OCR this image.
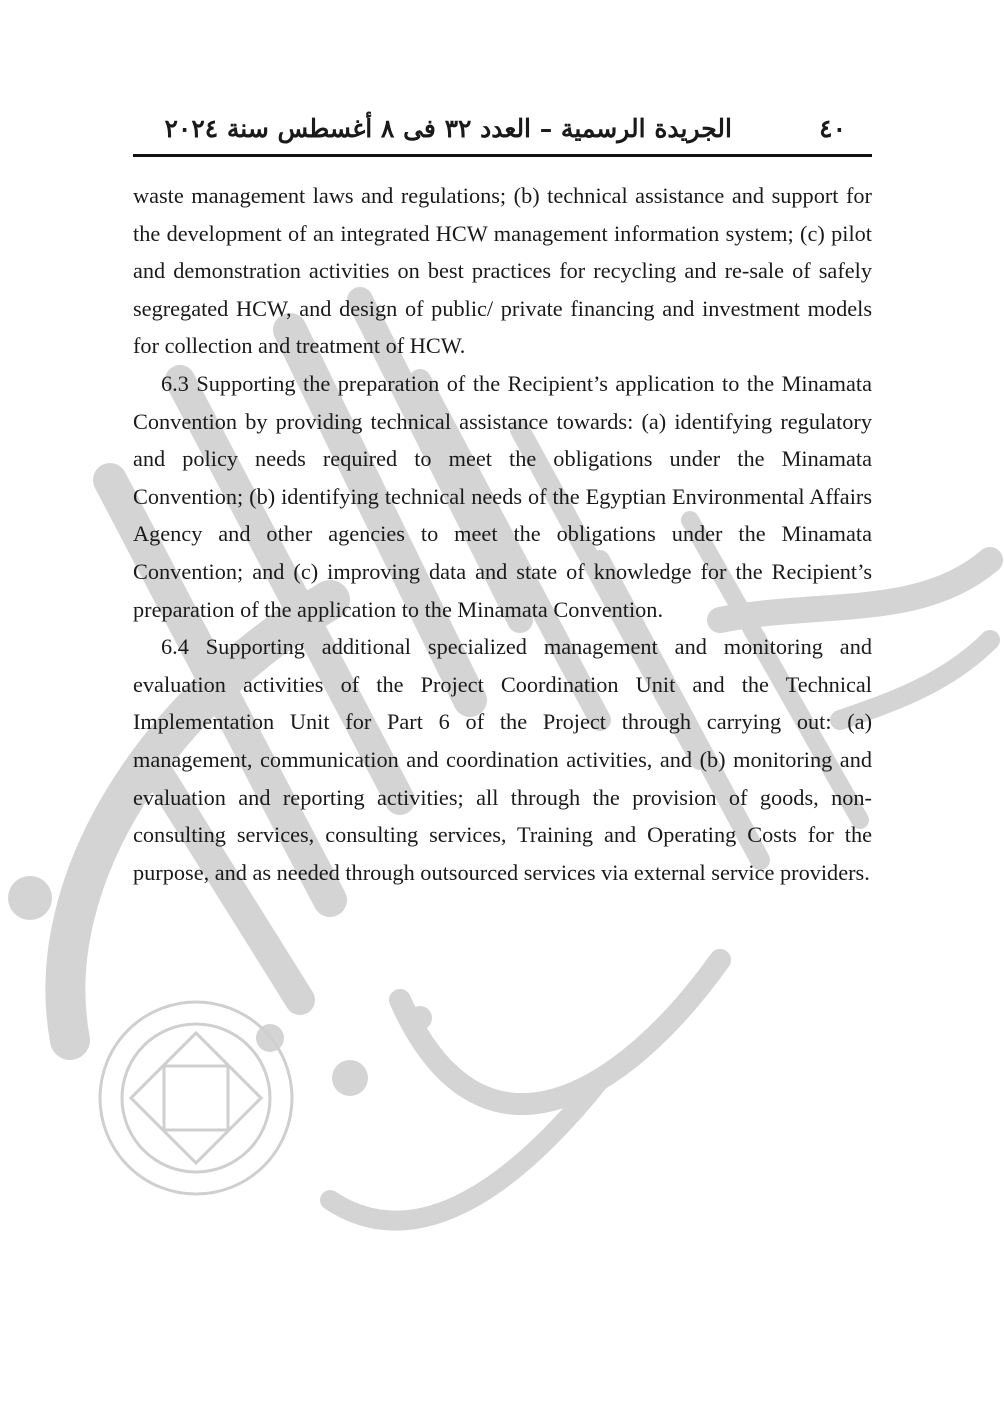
الجريدة الرسمية – العدد ٣٢ فى ٨ أغسطس سنة ٢٠٢٤	٤٠

waste management laws and regulations; (b) technical assistance and support for the development of an integrated HCW management information system; (c) pilot and demonstration activities on best practices for recycling and re-sale of safely segregated HCW, and design of public/ private financing and investment models for collection and treatment of HCW.

6.3 Supporting the preparation of the Recipient’s application to the Minamata Convention by providing technical assistance towards: (a) identifying regulatory and policy needs required to meet the obligations under the Minamata Convention; (b) identifying technical needs of the Egyptian Environmental Affairs Agency and other agencies to meet the obligations under the Minamata Convention; and (c) improving data and state of knowledge for the Recipient’s preparation of the application to the Minamata Convention.

6.4 Supporting additional specialized management and monitoring and evaluation activities of the Project Coordination Unit and the Technical Implementation Unit for Part 6 of the Project through carrying out: (a) management, communication and coordination activities, and (b) monitoring and evaluation and reporting activities; all through the provision of goods, non-consulting services, consulting services, Training and Operating Costs for the purpose, and as needed through outsourced services via external service providers.
